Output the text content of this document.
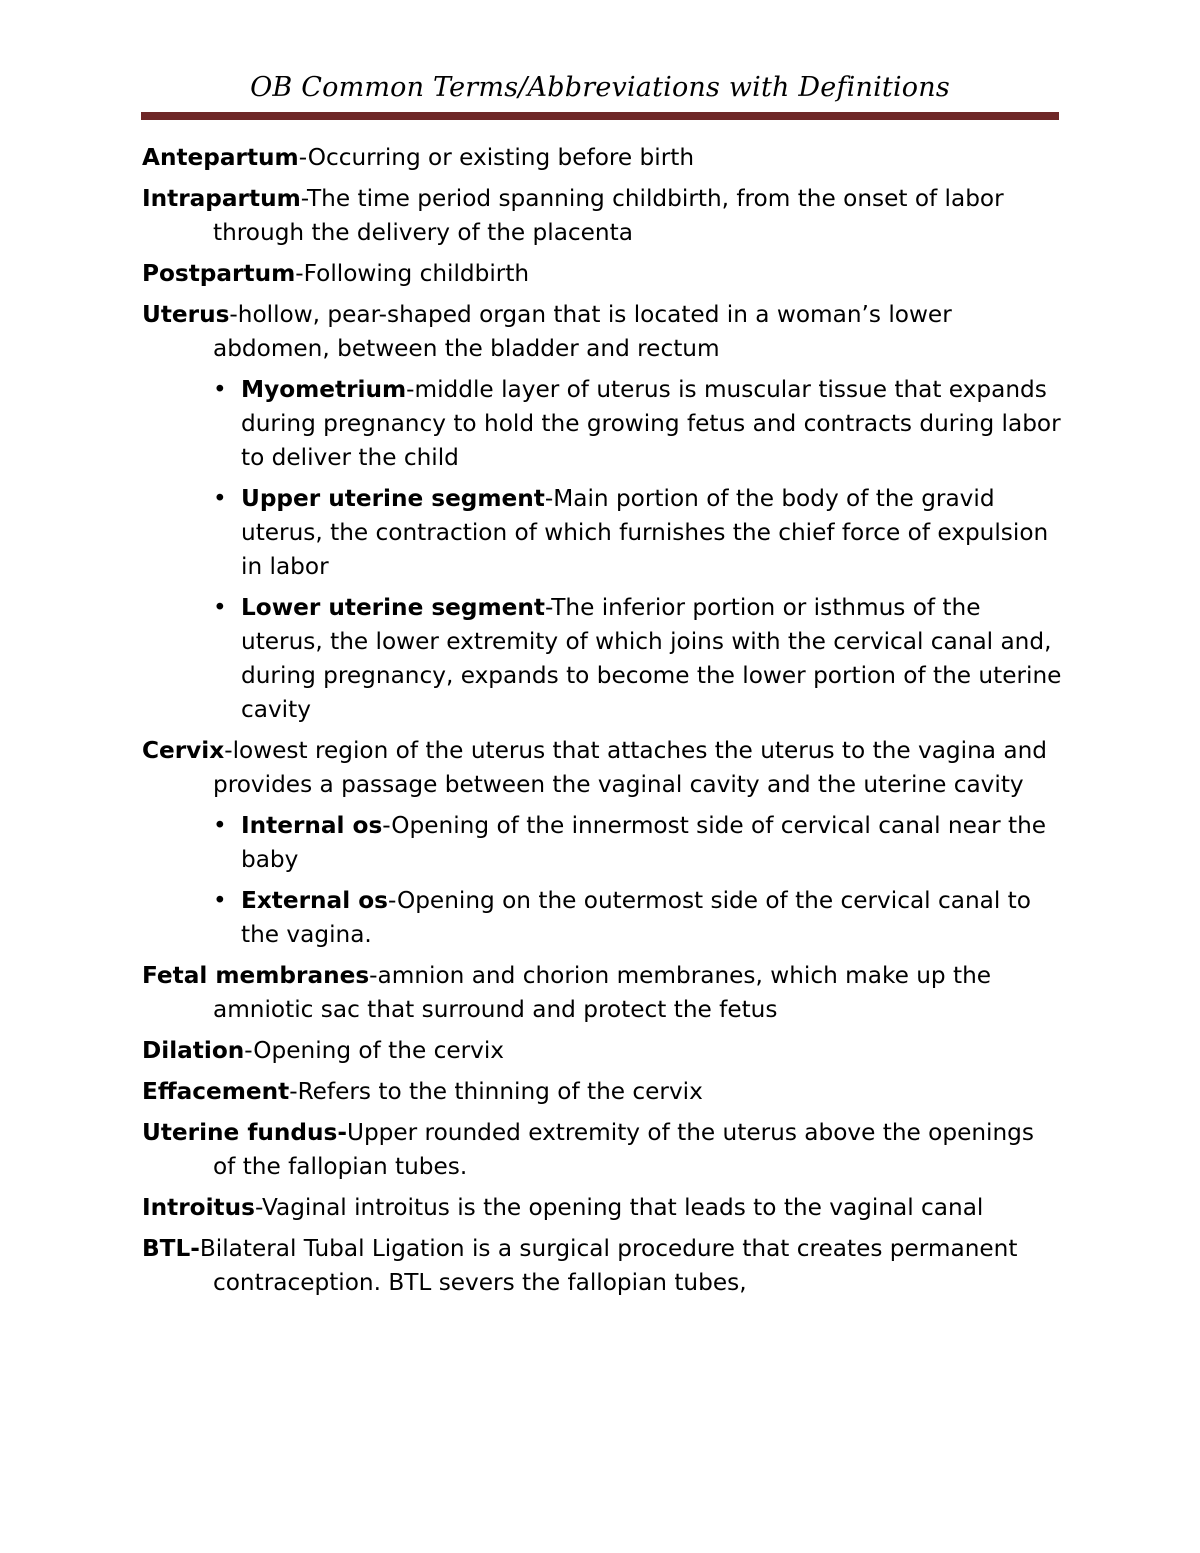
OB Common Terms/Abbreviations with Definitions

Antepartum-Occurring or existing before birth

Intrapartum-The time period spanning childbirth, from the onset of labor through the delivery of the placenta

Postpartum-Following childbirth

Uterus-hollow, pear-shaped organ that is located in a woman’s lower abdomen, between the bladder and rectum

• Myometrium-middle layer of uterus is muscular tissue that expands during pregnancy to hold the growing fetus and contracts during labor to deliver the child
• Upper uterine segment-Main portion of the body of the gravid uterus, the contraction of which furnishes the chief force of expulsion in labor
• Lower uterine segment-The inferior portion or isthmus of the uterus, the lower extremity of which joins with the cervical canal and, during pregnancy, expands to become the lower portion of the uterine cavity

Cervix-lowest region of the uterus that attaches the uterus to the vagina and provides a passage between the vaginal cavity and the uterine cavity

• Internal os-Opening of the innermost side of cervical canal near the baby
• External os-Opening on the outermost side of the cervical canal to the vagina.

Fetal membranes-amnion and chorion membranes, which make up the amniotic sac that surround and protect the fetus

Dilation-Opening of the cervix

Effacement-Refers to the thinning of the cervix

Uterine fundus-Upper rounded extremity of the uterus above the openings of the fallopian tubes.

Introitus-Vaginal introitus is the opening that leads to the vaginal canal

BTL-Bilateral Tubal Ligation is a surgical procedure that creates permanent contraception. BTL severs the fallopian tubes,
